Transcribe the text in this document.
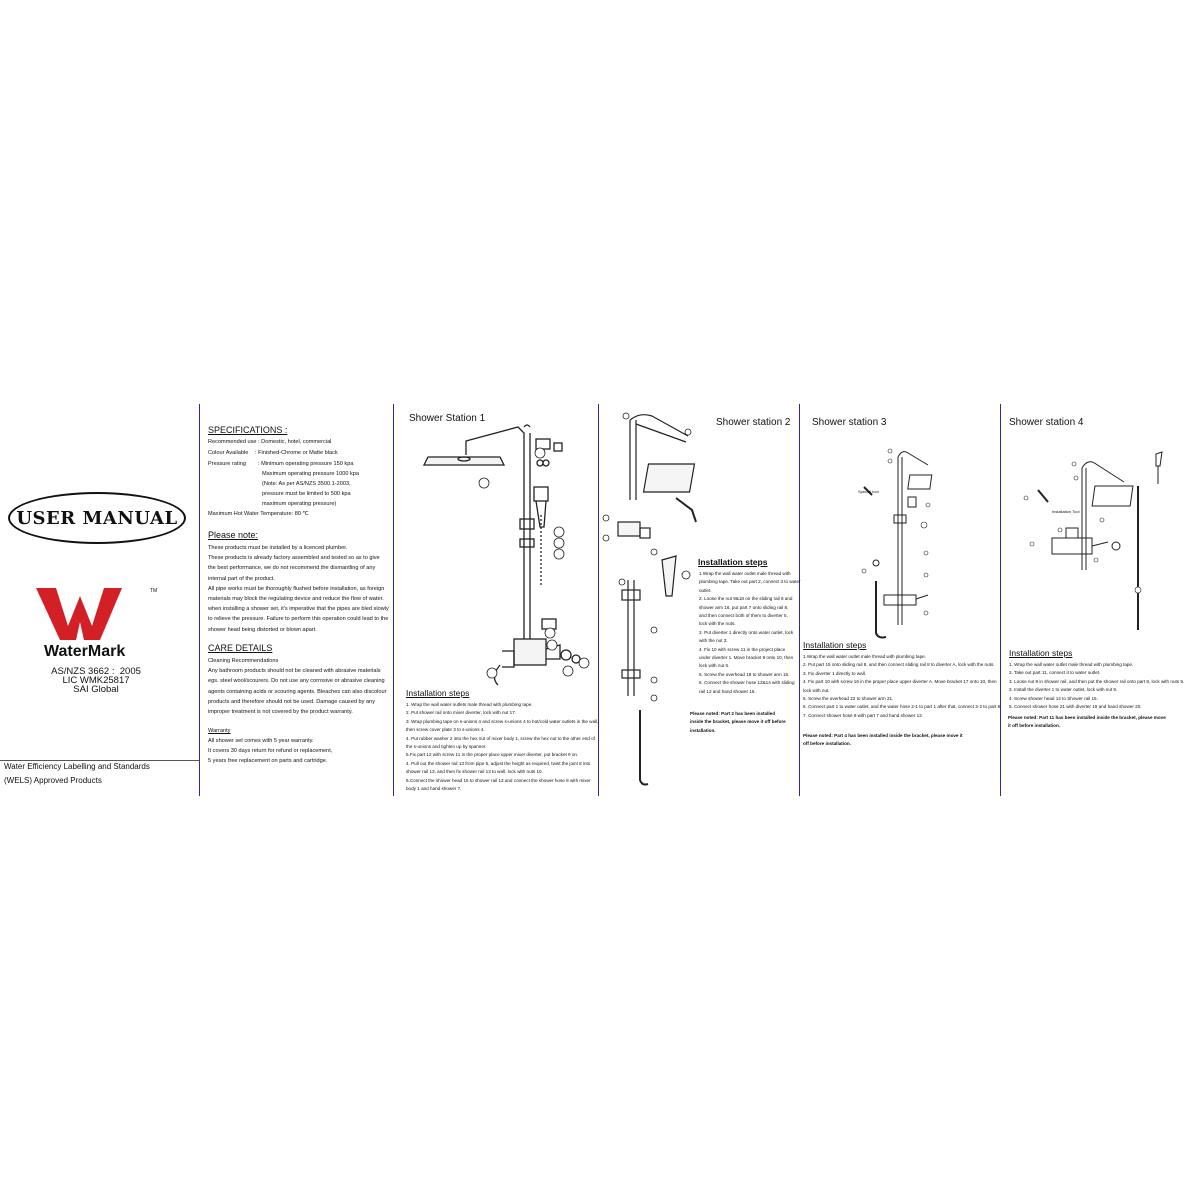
USER MANUAL
TM
WaterMark
AS/NZS 3662 :  2005
LIC WMK25817
SAI Global
Water Efficiency Labelling and Standards
(WELS) Approved Products
SPECIFICATIONS :
Recommended use : Domestic, hotel, commercial
Colour Available : Finished-Chrome or Matte black
Pressure rating : Minimum operating pressure 150 kpa
Maximum operating pressure 1000 kpa
(Note: As per AS/NZS 3500.1-2003,
pressure must be limited to 500 kpa
maximum operating pressure)
Maximum Hot Water Temperature: 80 ℃
Please note:
These products must be installed by a licenced plumber.
These products is already factory assembled and tested so as to give
the best performance, we do not recommend the dismantling of any
internal part of the product.
All pipe works must be thoroughly flushed before installation, as foreign
materials may block the regulating device and reduce the flow of water.
when installing a shower set, it's imperative that the pipes are bled slowly
to relieve the pressure. Failure to perform this operation could lead to the
shower head being distorted or blown apart.
CARE DETAILS
Cleaning Recommendations
Any bathroom products should not be cleaned with abrasive materials
egs. steel wool/scourers. Do not use any corrosive or abrasive cleaning
agents containing acids or scouring agents. Bleaches can also discolour
products and therefore should not be used. Damage caused by any
improper treatment is not covered by the product warranty.
Warranty
All shower set comes with 5 year warranty.
It covers 30 days return for refund or replacement,
5 years free replacement on parts and cartridge.
Shower Station 1
Installation steps
1. Wrap the wall water outlets male thread with plumbing tape.
2. Put shower rail onto mixer diverter, lock with nut 17.
3. Wrap plumbing tape on s-unions 4 and screw s-unions 4 to hot/cold water outlets in the wall,
then screw cover plate 3 to s-unions 4.
4. Put rubber washer 2 into the hex nut of mixer body 1, screw the hex nut to the other end of
the s-unions and tighten up by spanner.
5.Fix part 12 with screw 11 in the proper place upper mixer diverter, put bracket 9 on.
4. Pull out the shower rail 13 from pipe 5, adjust the height as required, twist the joint 8 into
shower rail 13, and then fix shower rail 13 to wall, lock with nuts 10.
6.Connect the shower head 15 to shower rail 13 and connect the shower hose 8 with mixer
body 1 and hand shower 7.
Shower station 2
Installation steps
1.Wrap the wall water outlet male thread with
plumbing tape. Take out part 2, connect it to water
outlet.
2. Loose the nut 9&18 on the sliding rail 8 and
shower arm 16, put part 7 onto sliding rail 8,
and then connect both of them to diverter 5,
lock with the nuts.
3. Put diverter 1 directly onto water outlet, lock
with the nut 3.
4. Fix 10 with screw 11 in the project place
under diverter 1. Move bracket 9 onto 10, then
lock with nut 6.
5. Screw the overhead 19 to shower arm 16.
6. Connect the shower hose 13&14 with sliding
rail 12 and hand shower 15.
Please noted: Part 2 has been installed
inside the bracket, please move it off before
installation.
Shower station 3
Special tool
Installation steps
1.Wrap the wall water outlet male thread with plumbing tape.
2. Put part 15 onto sliding rail 8, and then connect sliding rail 8 to diverter A, lock with the nuts.
3. Fix diverter 1 directly to wall.
4. Fix part 10 with screw 16 in the proper place upper diverter A. Move bracket 17 onto 10, then
lock with nut.
5. Screw the overhead 22 to shower arm 21.
6. Connect part 1 to water outlet, and the water hose 2-1 to part 1 after that, connect 2-2 to part 8.
7. Connect shower hose 9 with part 7 and hand shower 12.
Please noted: Part 4 has been installed inside the bracket, please move it
off before installation.
Shower station 4
Installation Tool
Installation steps
1. Wrap the wall water outlet male thread with plumbing tape.
2. Take out part 11, connect it to water outlet.
3. Loose nut 9 in shower rail, and then put the shower rail onto part 8, lock with nuts 9.
3. Install the diverter 1 to water outlet, lock with nut 9.
4. Screw shower head 14 to Shower rail 15.
5. Connect shower hose 21 with diverter 19 and hand shower 20.
Please noted: Part 11 has been installed inside the bracket, please move
it off before installation.
